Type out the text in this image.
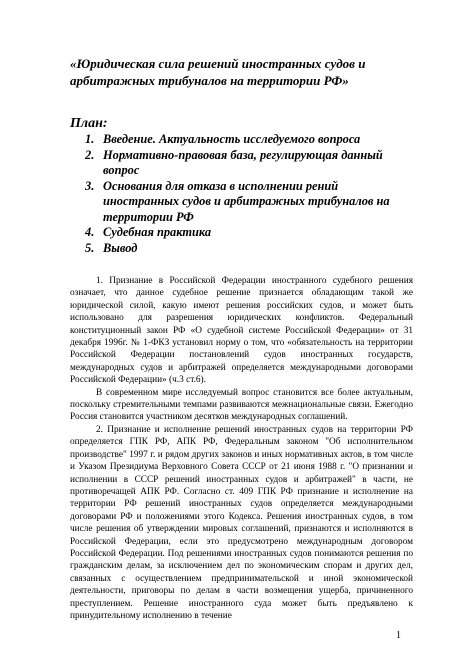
«Юридическая сила решений иностранных судов и арбитражных трибуналов на территории РФ»

План:

1. Введение. Актуальность исследуемого вопроса
2. Нормативно-правовая база, регулирующая данный вопрос
3. Основания для отказа в исполнении рений иностранных судов и арбитражных трибуналов на территории РФ
4. Судебная практика
5. Вывод

1. Признание в Российской Федерации иностранного судебного решения означает, что данное судебное решение признается обладающим такой же юридической силой, какую имеют решения российских судов, и может быть использовано для разрешения юридических конфликтов. Федеральный конституционный закон РФ «О судебной системе Российской Федерации» от 31 декабря 1996г. № 1-ФКЗ установил норму о том, что «обязательность на территории Российской Федерации постановлений судов иностранных государств, международных судов и арбитражей определяется международными договорами Российской Федерации» (ч.3 ст.6).

В современном мире исследуемый вопрос становится все более актуальным, поскольку стремительными темпами развиваются межнациональные связи. Ежегодно Россия становится участником десятков международных соглашений.

2. Признание и исполнение решений иностранных судов на территории РФ определяется ГПК РФ, АПК РФ, Федеральным законом "Об исполнительном производстве" 1997 г. и рядом других законов и иных нормативных актов, в том числе и Указом Президиума Верховного Совета СССР от 21 июня 1988 г. "О признании и исполнении в СССР решений иностранных судов и арбитражей" в части, не противоречащей АПК РФ. Согласно ст. 409 ГПК РФ признание и исполнение на территории РФ решений иностранных судов определяется международными договорами РФ и положениями этого Кодекса. Решения иностранных судов, в том числе решения об утверждении мировых соглашений, признаются и исполняются в Российской Федерации, если это предусмотрено международным договором Российской Федерации. Под решениями иностранных судов понимаются решения по гражданским делам, за исключением дел по экономическим спорам и других дел, связанных с осуществлением предпринимательской и иной экономической деятельности, приговоры по делам в части возмещения ущерба, причиненного преступлением. Решение иностранного суда может быть предъявлено к принудительному исполнению в течение

1
